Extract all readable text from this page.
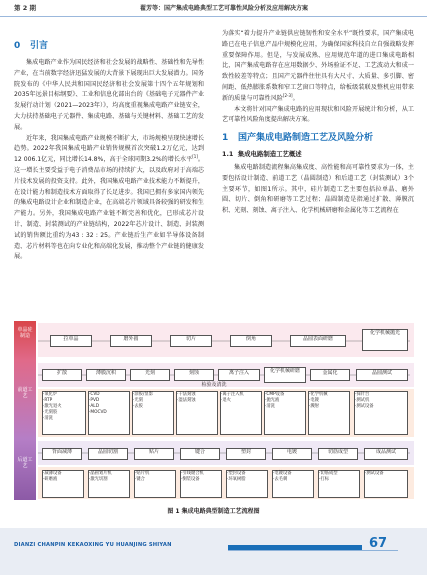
第 2 期	翟芳等：国产集成电路典型工艺可靠性风险分析及应用解决方案
0 引言

集成电路产业作为国民经济和社会发展的战略性、基础性和先导性产业，在当前数字经济迅猛发展的大背景下展现出巨大发展潜力。国务院发布的《中华人民共和国国民经济和社会发展第十四个五年规划和2035年远景目标纲要》、工业和信息化部出台的《基础电子元器件产业发展行动计划（2021—2023年）》，均高度重视集成电路产业链安全，大力扶持基础电子元器件、集成电路、基础与关键材料、基础工艺的发展。

近年来，我国集成电路产业规模不断扩大，市场规模呈现快速增长趋势。2022年我国集成电路产业销售规模首次突破1.2万亿元，达到12 006.1亿元，同比增长14.8%，高于全球同期3.2%的增长水平[1]。这一增长主要受益于电子消费品市场的持续扩大，以及政府对于高端芯片技术发展的投资支持。此外，我国集成电路产业技术能力不断提升，在设计能力和制造技术方面取得了长足进步。我国已拥有多家国内领先的集成电路设计企业和制造企业，在高端芯片领域具备较强的研发和生产能力。另外，我国集成电路产业链不断完善和优化，已形成芯片设计、制造、封装测试的产业链结构，2022年芯片设计、制造、封装测试的销售额比重约为43 : 32 : 25。产业链后生产业如半导体设备制造、芯片材料等也在向专业化和高端化发展，推动整个产业链的健康发展。

为落实“着力提升产业链供应链韧性和安全水平”既性要求，国产集成电路已在电子信息产品中规模化应用，为确保国家科技自立自强战略发挥重要保障作用。但是，与发展成熟、应用规范年道的进口集成电路相比，国产集成电路存在应用数据少、外场验证不足、工艺波动大和成一致性较差等特点；且国产元器件往往具有大尺寸、大质量、多引脚、密间距、低热膨胀系数和窄工艺窗口等特点，给板级装联及整机应用带来新的质量与可靠性风险[2-3]。

本文将针对国产集成电路的应用现状和风险开展统计和分析，从工艺可靠性风险角度提出解决方案。

1 国产集成电路制造工艺及风险分析
1.1 集成电路制造工艺概述

集成电路制造流程集高集成度、高性能和高可靠性要求为一体，主要包括设计制造、前道工艺（晶圆制造）和后道工艺（封装测试）3个主要环节，如图1所示。其中，硅片制造工艺主要包括拉单晶、磨外圆、切片、倒角和研磨等工艺过程；晶圆制造是指通过扩散、薄膜沉积、光刻、刻蚀、离子注入、化学机械研磨和金属化等工艺流程在

单晶硅制造
前道工艺
后道工艺
拉单晶	磨外圆	切片	倒角	晶圆表面研磨
化学机械抛光
扩散	薄膜沉积	光刻	刻蚀	离子注入	化学机械研磨	金属化	晶圆测试
检验及清洗
·氧化炉
·RTP
·激光退火
·光刻胶
·清洗
·CVD
·PVD
·ALD
·MOCVD
·涂胶/显影
·光刻
·去胶
·干法刻蚀
·湿法刻蚀
·离子注入机
·退火
·CMP设备
·抛光液
·清洗
·化学机械
·电镀
·溅射
·探针台
·测试机
·测试设备
背面减薄	晶圆切割	贴片	键合	塑封	电镀	切筋成型	成品测试
·减薄设备
·研磨液
·晶圆划片机
·激光切割
·贴片机
·键合
·引线键合机
·倒装设备
·塑封设备
·环氧树脂
·电镀设备
·去毛刺
·切筋成型
·打标
·测试设备
图 1 集成电路典型制造工艺流程图
DIANZI CHANPIN KEKAOXING YU HUANJING SHIYAN	67
